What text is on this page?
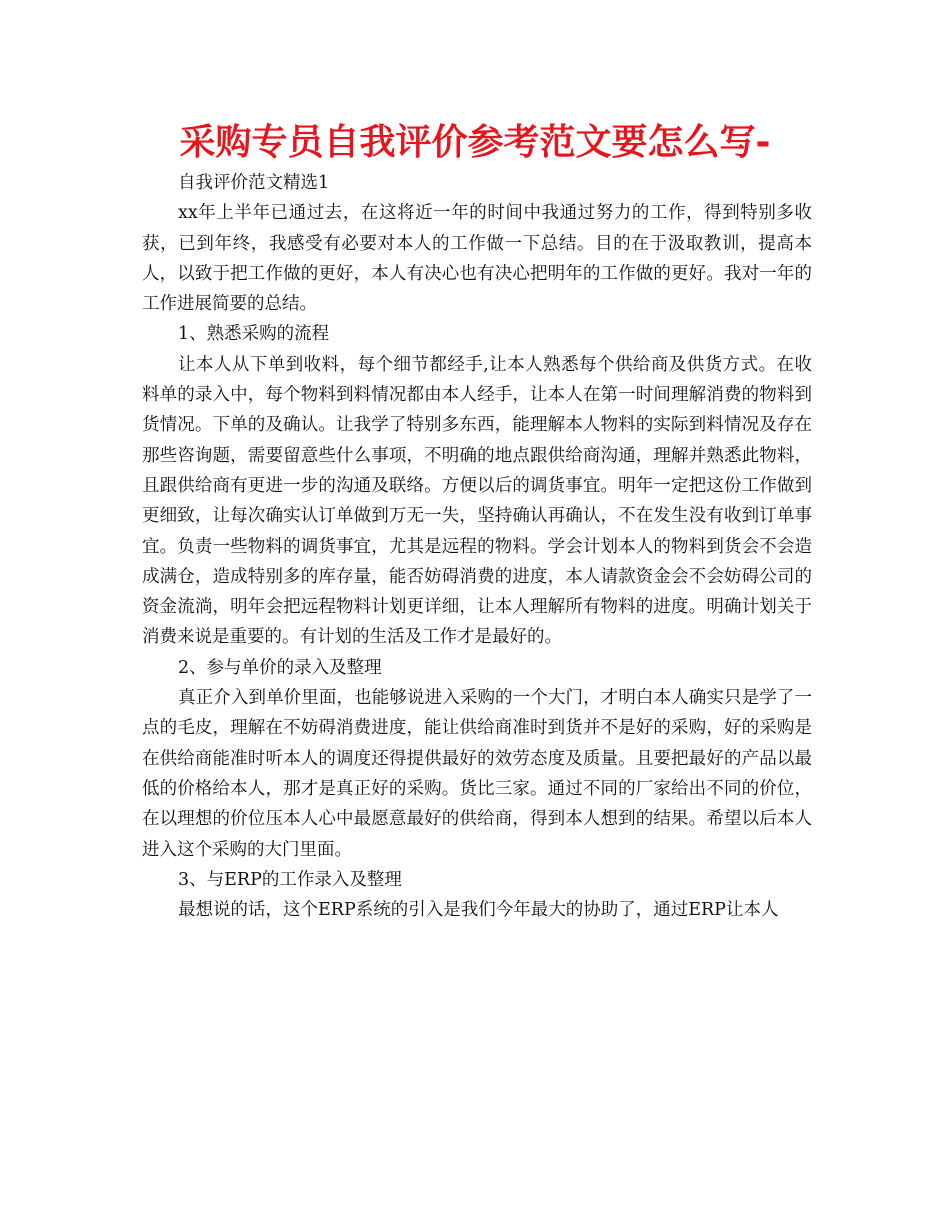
采购专员自我评价参考范文要怎么写-

自我评价范文精选1

xx年上半年已通过去，在这将近一年的时间中我通过努力的工作，得到特别多收获，已到年终，我感受有必要对本人的工作做一下总结。目的在于汲取教训，提高本人，以致于把工作做的更好，本人有决心也有决心把明年的工作做的更好。我对一年的工作进展简要的总结。

1、熟悉采购的流程

让本人从下单到收料，每个细节都经手,让本人熟悉每个供给商及供货方式。在收料单的录入中，每个物料到料情况都由本人经手，让本人在第一时间理解消费的物料到货情况。下单的及确认。让我学了特别多东西，能理解本人物料的实际到料情况及存在那些咨询题，需要留意些什么事项，不明确的地点跟供给商沟通，理解并熟悉此物料，且跟供给商有更进一步的沟通及联络。方便以后的调货事宜。明年一定把这份工作做到更细致，让每次确实认订单做到万无一失，坚持确认再确认，不在发生没有收到订单事宜。负责一些物料的调货事宜，尤其是远程的物料。学会计划本人的物料到货会不会造成满仓，造成特别多的库存量，能否妨碍消费的进度，本人请款资金会不会妨碍公司的资金流淌，明年会把远程物料计划更详细，让本人理解所有物料的进度。明确计划关于消费来说是重要的。有计划的生活及工作才是最好的。

2、参与单价的录入及整理

真正介入到单价里面，也能够说进入采购的一个大门，才明白本人确实只是学了一点的毛皮，理解在不妨碍消费进度，能让供给商准时到货并不是好的采购，好的采购是在供给商能准时听本人的调度还得提供最好的效劳态度及质量。且要把最好的产品以最低的价格给本人，那才是真正好的采购。货比三家。通过不同的厂家给出不同的价位，在以理想的价位压本人心中最愿意最好的供给商，得到本人想到的结果。希望以后本人进入这个采购的大门里面。

3、与ERP的工作录入及整理

最想说的话，这个ERP系统的引入是我们今年最大的协助了，通过ERP让本人
